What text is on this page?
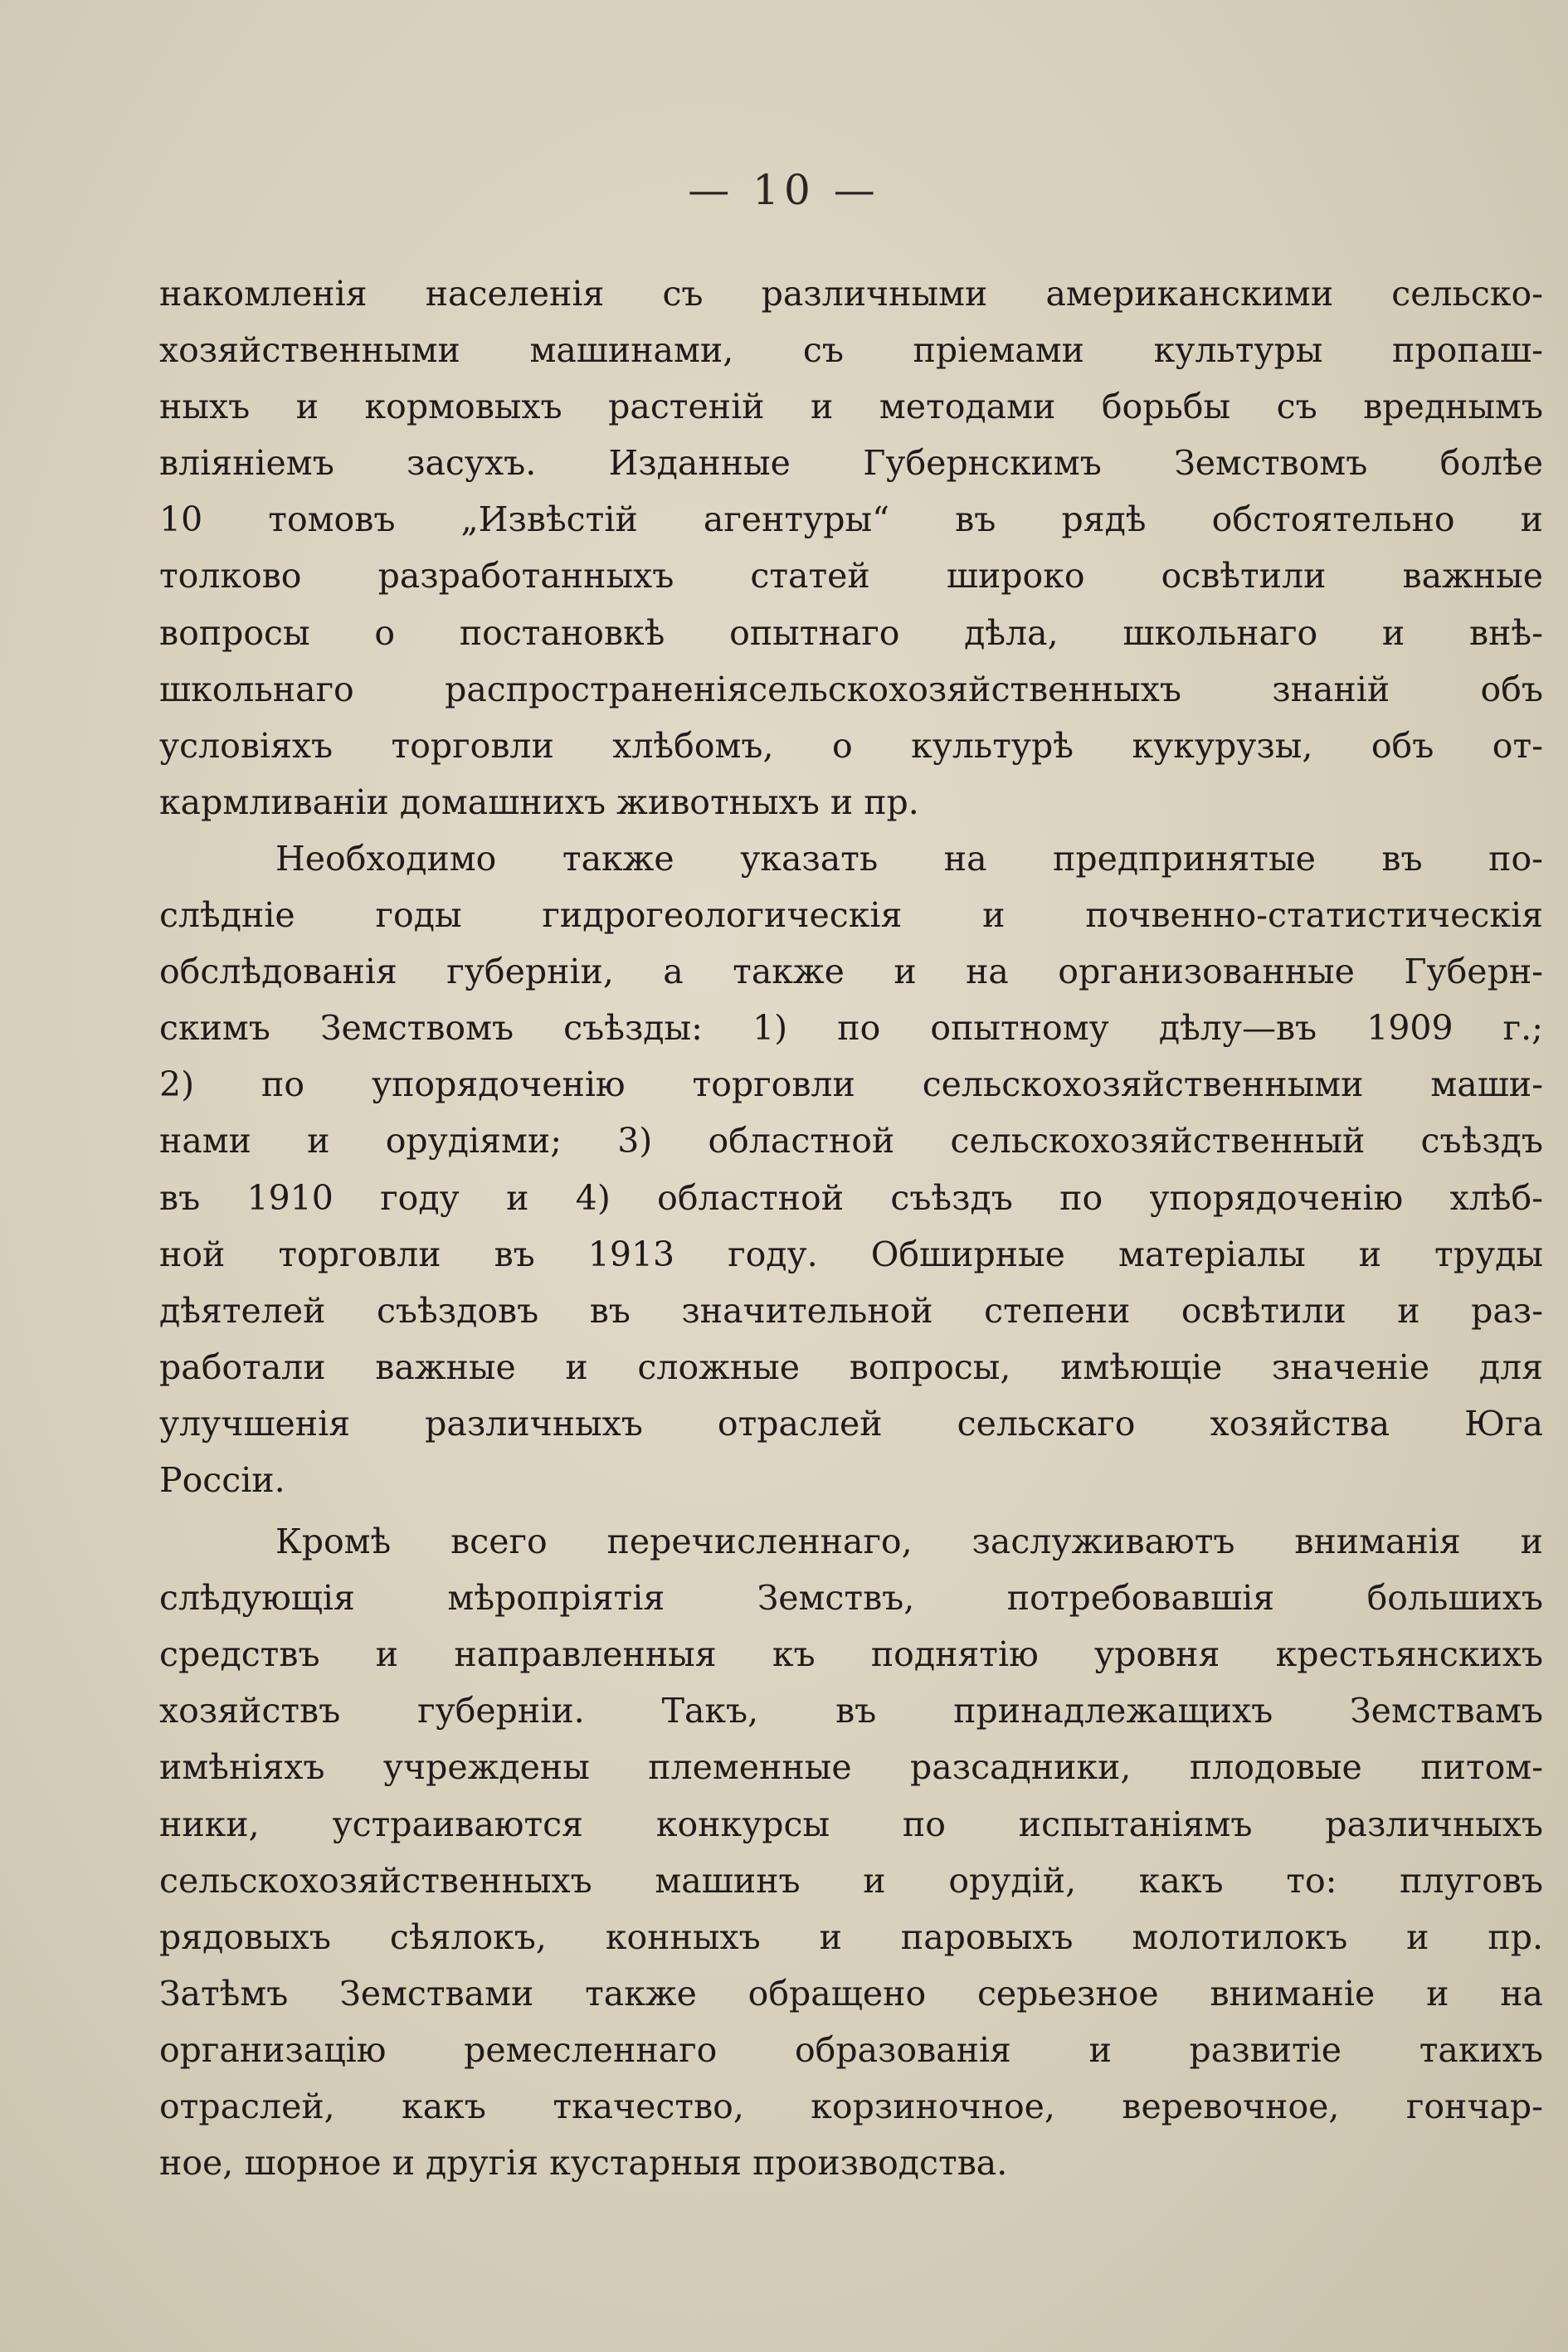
— 10 —
накомленія населенія съ различными американскими сельско-
хозяйственными машинами, съ пріемами культуры пропаш-
ныхъ и кормовыхъ растеній и методами борьбы съ вреднымъ
вліяніемъ засухъ. Изданные Губернскимъ Земствомъ болѣе
10 томовъ „Извѣстій агентуры“ въ рядѣ обстоятельно и
толково разработанныхъ статей широко освѣтили важные
вопросы о постановкѣ опытнаго дѣла, школьнаго и внѣ-
школьнаго распространеніясельскохозяйственныхъ знаній объ
условіяхъ торговли хлѣбомъ, о культурѣ кукурузы, объ от-
кармливаніи домашнихъ животныхъ и пр.
Необходимо также указать на предпринятые въ по-
слѣдніе годы гидрогеологическія и почвенно-статистическія
обслѣдованія губерніи, а также и на организованные Губерн-
скимъ Земствомъ съѣзды: 1) по опытному дѣлу—въ 1909 г.;
2) по упорядоченію торговли сельскохозяйственными маши-
нами и орудіями; 3) областной сельскохозяйственный съѣздъ
въ 1910 году и 4) областной съѣздъ по упорядоченію хлѣб-
ной торговли въ 1913 году. Обширные матеріалы и труды
дѣятелей съѣздовъ въ значительной степени освѣтили и раз-
работали важные и сложные вопросы, имѣющіе значеніе для
улучшенія различныхъ отраслей сельскаго хозяйства Юга
Россіи.
Кромѣ всего перечисленнаго, заслуживаютъ вниманія и
слѣдующія мѣропріятія Земствъ, потребовавшія большихъ
средствъ и направленныя къ поднятію уровня крестьянскихъ
хозяйствъ губерніи. Такъ, въ принадлежащихъ Земствамъ
имѣніяхъ учреждены племенные разсадники, плодовые питом-
ники, устраиваются конкурсы по испытаніямъ различныхъ
сельскохозяйственныхъ машинъ и орудій, какъ то: плуговъ
рядовыхъ сѣялокъ, конныхъ и паровыхъ молотилокъ и пр.
Затѣмъ Земствами также обращено серьезное вниманіе и на
организацію ремесленнаго образованія и развитіе такихъ
отраслей, какъ ткачество, корзиночное, веревочное, гончар-
ное, шорное и другія кустарныя производства.
